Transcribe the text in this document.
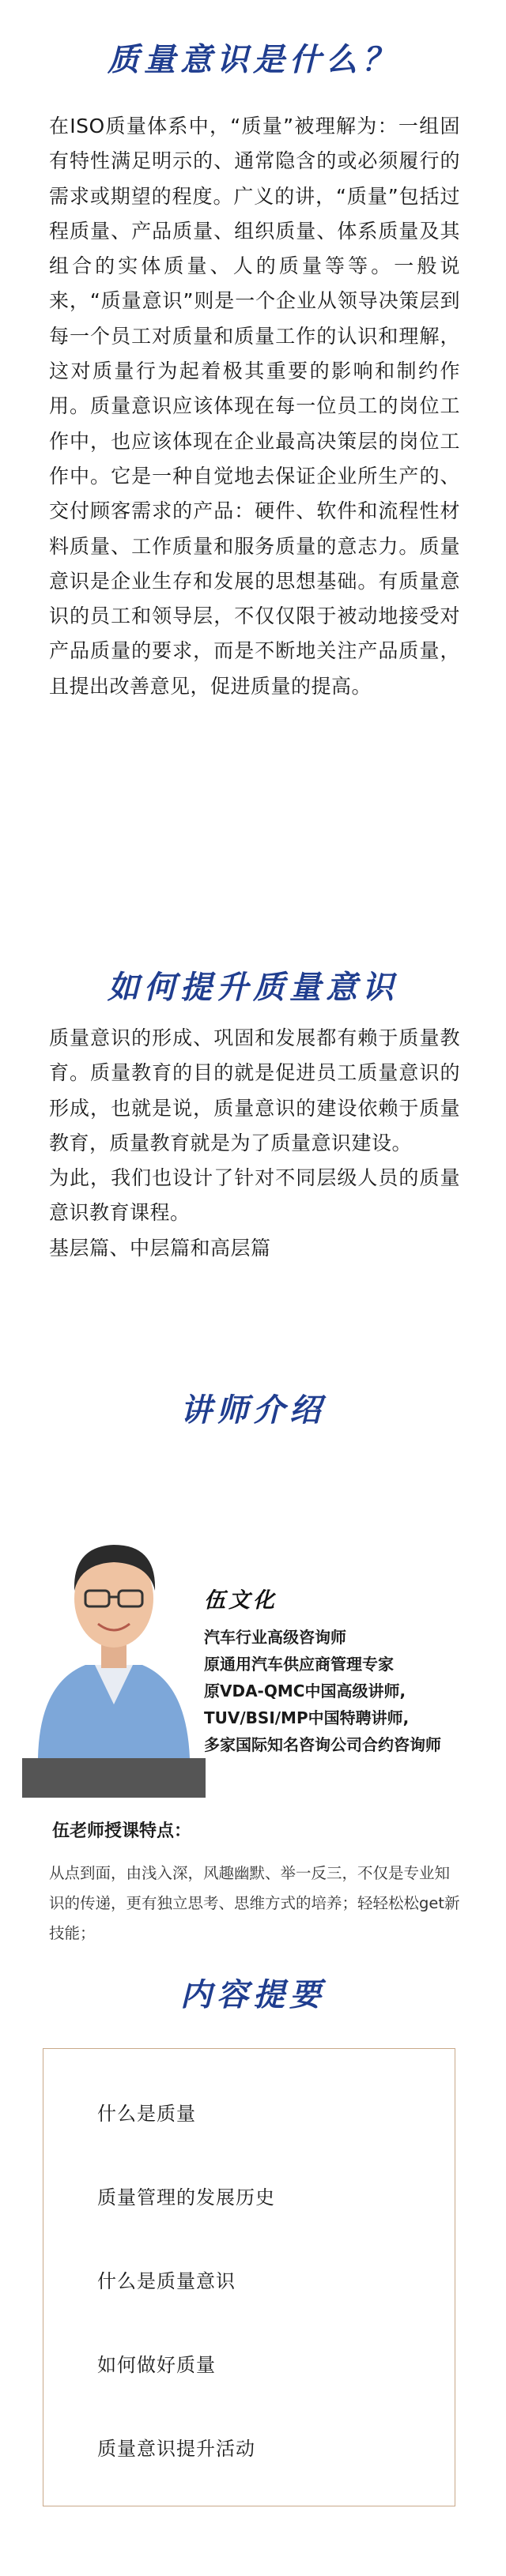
质量意识是什么？
在ISO质量体系中，“质量”被理解为：一组固有特性满足明示的、通常隐含的或必须履行的需求或期望的程度。广义的讲，“质量”包括过程质量、产品质量、组织质量、体系质量及其组合的实体质量、人的质量等等。一般说来，“质量意识”则是一个企业从领导决策层到每一个员工对质量和质量工作的认识和理解，这对质量行为起着极其重要的影响和制约作用。质量意识应该体现在每一位员工的岗位工作中，也应该体现在企业最高决策层的岗位工作中。它是一种自觉地去保证企业所生产的、交付顾客需求的产品：硬件、软件和流程性材料质量、工作质量和服务质量的意志力。质量意识是企业生存和发展的思想基础。有质量意识的员工和领导层，不仅仅限于被动地接受对产品质量的要求，而是不断地关注产品质量，且提出改善意见，促进质量的提高。
如何提升质量意识
质量意识的形成、巩固和发展都有赖于质量教育。质量教育的目的就是促进员工质量意识的形成，也就是说，质量意识的建设依赖于质量教育，质量教育就是为了质量意识建设。
为此，我们也设计了针对不同层级人员的质量意识教育课程。
基层篇、中层篇和高层篇
讲师介绍
伍文化
汽车行业高级咨询师
原通用汽车供应商管理专家
原VDA-QMC中国高级讲师,
TUV/BSI/MP中国特聘讲师,
多家国际知名咨询公司合约咨询师
伍老师授课特点：
从点到面，由浅入深，风趣幽默、举一反三，不仅是专业知识的传递，更有独立思考、思维方式的培养；轻轻松松get新技能；
内容提要
什么是质量
质量管理的发展历史
什么是质量意识
如何做好质量
质量意识提升活动
